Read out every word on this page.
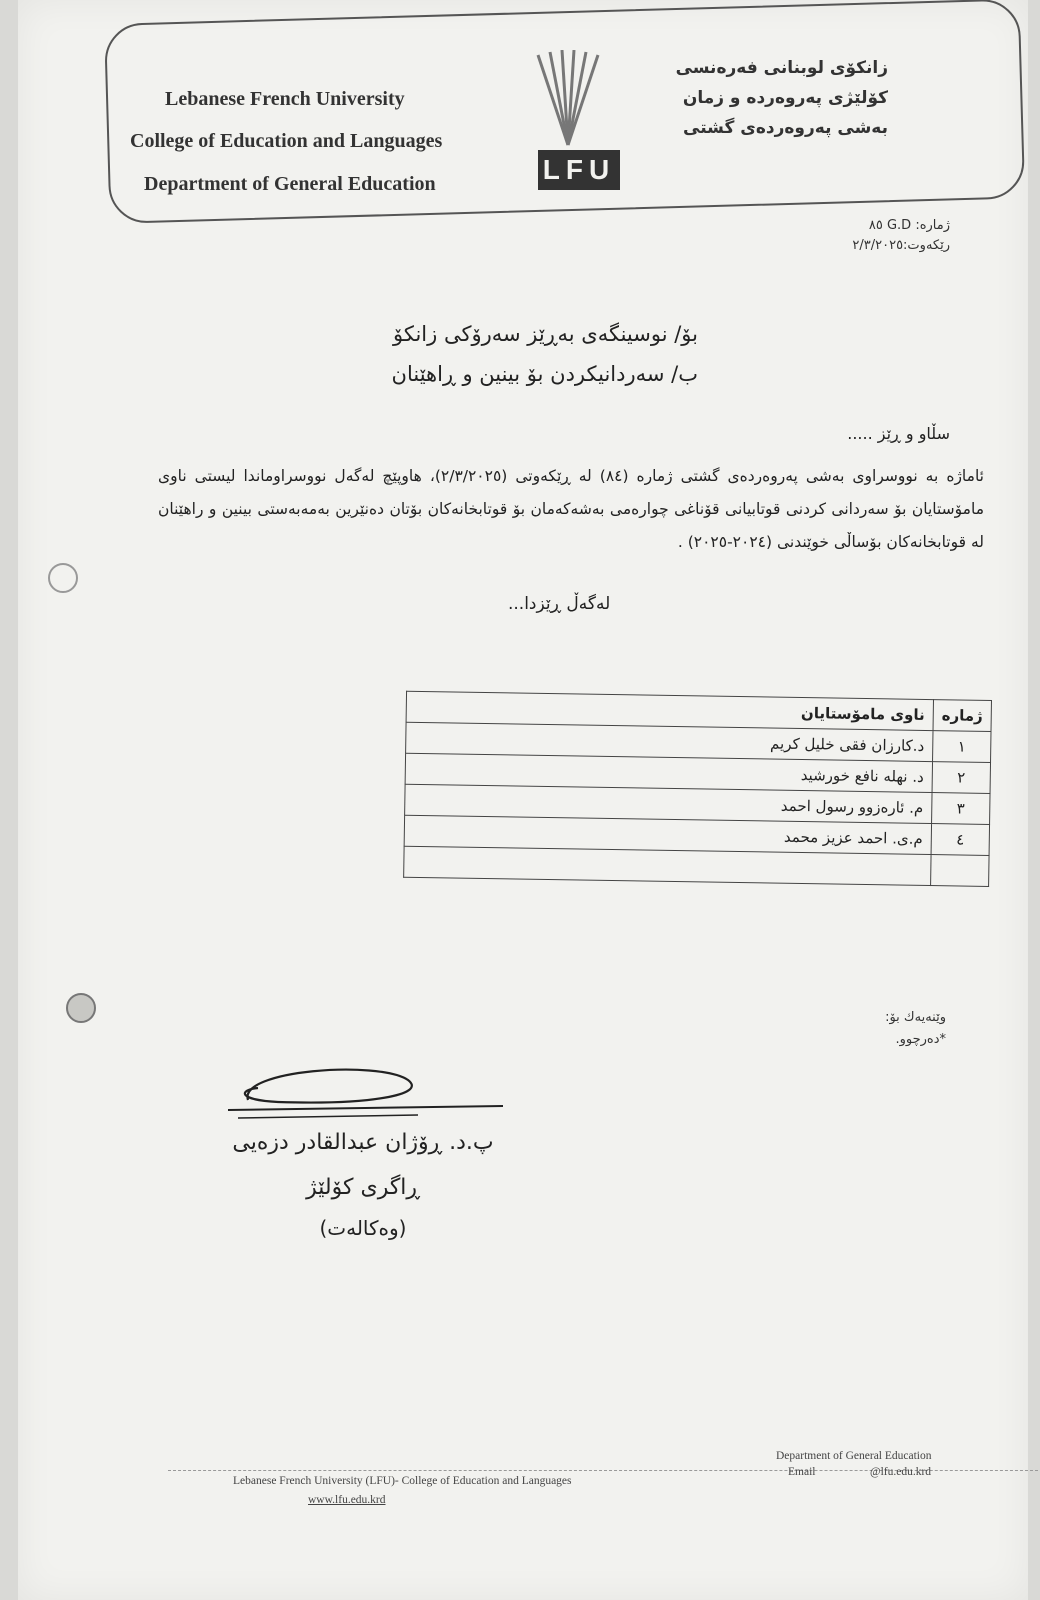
Lebanese French University
College of Education and Languages
Department of General Education
زانكۆی لوبنانی فەرەنسی
كۆلێژی پەروەردە و زمان
بەشی پەروەردەی گشتی
LFU
ژمارە: G.D ٨٥
رێكەوت:٢/٣/٢٠٢٥
بۆ/ نوسینگەی بەڕێز سەرۆكی زانكۆ
ب/ سەردانیكردن بۆ بینین و ڕاهێنان
سڵاو و ڕێز .....
ئاماژە بە نووسراوی بەشی پەروەردەی گشتی ژمارە (٨٤) لە ڕێكەوتی (٢/٣/٢٠٢٥)، هاوپێچ لەگەل نووسراوماندا لیستی ناوی مامۆستایان بۆ سەردانی كردنی قوتابیانی قۆناغی چوارەمی بەشەكەمان بۆ قوتابخانەكان بۆتان دەنێرین بەمەبەستی بینین و راهێنان لە قوتابخانەكان بۆساڵی خوێندنی (٢٠٢٤-٢٠٢٥) .
لەگەڵ ڕێزدا...
ژمارە	ناوی مامۆستایان
١	د.كارزان فقی خلیل كریم
٢	د. نهلە نافع خورشید
٣	م. ئارەزوو رسول احمد
٤	م.ی. احمد عزیز محمد

وێنەیەك بۆ:
*دەرچوو.
پ.د. ڕۆژان عبدالقادر دزەیی
ڕاگری كۆلێژ
(وەكالەت)
Lebanese French University (LFU)- College of Education and Languages
www.lfu.edu.krd
Department of General Education
Email	@lfu.edu.krd
